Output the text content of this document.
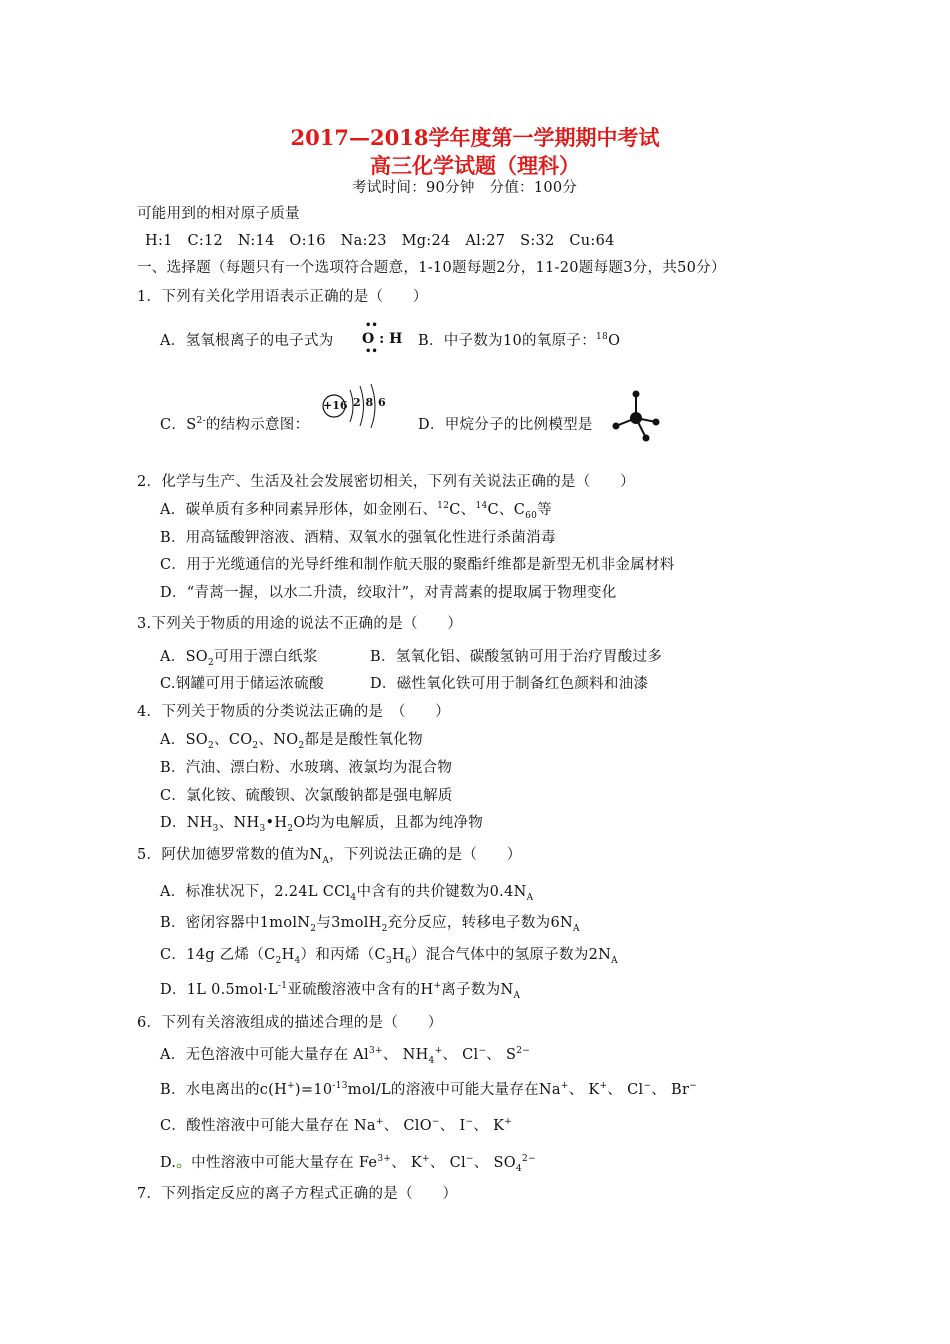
2017—2018学年度第一学期期中考试
高三化学试题（理科）
考试时间：90分钟　分值：100分
可能用到的相对原子质量
H:1　C:12　N:14　O:16　Na:23　Mg:24　Al:27　S:32　Cu:64
一、选择题（每题只有一个选项符合题意，1-10题每题2分，11-20题每题3分，共50分）
1．下列有关化学用语表示正确的是（　　）
A．氢氧根离子的电子式为
••
O : H
••
B．中子数为10的氧原子：$^{18}$O
C．$S^{2-}$的结构示意图：
+16 2 8 6
D．甲烷分子的比例模型是
2．化学与生产、生活及社会发展密切相关，下列有关说法正确的是（　　）
A．碳单质有多种同素异形体，如金刚石、$^{12}$C、$^{14}$C、$C_{60}$等
B．用高锰酸钾溶液、酒精、双氧水的强氧化性进行杀菌消毒
C．用于光缆通信的光导纤维和制作航天服的聚酯纤维都是新型无机非金属材料
D．“青蒿一握，以水二升渍，绞取汁”，对青蒿素的提取属于物理变化
3.下列关于物质的用途的说法不正确的是（　　）
A．$SO_2$可用于漂白纸浆	B．氢氧化铝、碳酸氢钠可用于治疗胃酸过多
C.钢罐可用于储运浓硫酸	D．磁性氧化铁可用于制备红色颜料和油漆
4．下列关于物质的分类说法正确的是　（　　）
A．$SO_2$、$CO_2$、$NO_2$都是是酸性氧化物
B．汽油、漂白粉、水玻璃、液氯均为混合物
C．氯化铵、硫酸钡、次氯酸钠都是强电解质
D．$NH_3$、$NH_3•H_2O$均为电解质，且都为纯净物
5．阿伏加德罗常数的值为$N_A$，下列说法正确的是（　　）
A．标准状况下，2.24L CCl$_4$中含有的共价键数为$0.4N_A$
B．密闭容器中1molN$_2$与3molH$_2$充分反应，转移电子数为$6N_A$
C．14g 乙烯$(C_2H_4)$和丙烯$(C_3H_6)$混合气体中的氢原子数为$2N_A$
D．1L $0.5mol\cdot L^{-1}$亚硫酸溶液中含有的H+离子数为$N_A$
6．下列有关溶液组成的描述合理的是（　　）
A．无色溶液中可能大量存在 $Al^{3+}$、 $NH_4^+$、 Cl−、 $S^{2-}$
B．水电离出的$c(H^+)=10^{-13}mol/L$的溶液中可能大量存在Na+、 K+、 Cl−、 Br−
C．酸性溶液中可能大量存在 Na+、 ClO−、 I−、 K+
D.。中性溶液中可能大量存在 $Fe^{3+}$、 K+、 Cl−、 $SO_4^{2-}$
7．下列指定反应的离子方程式正确的是（　　）
